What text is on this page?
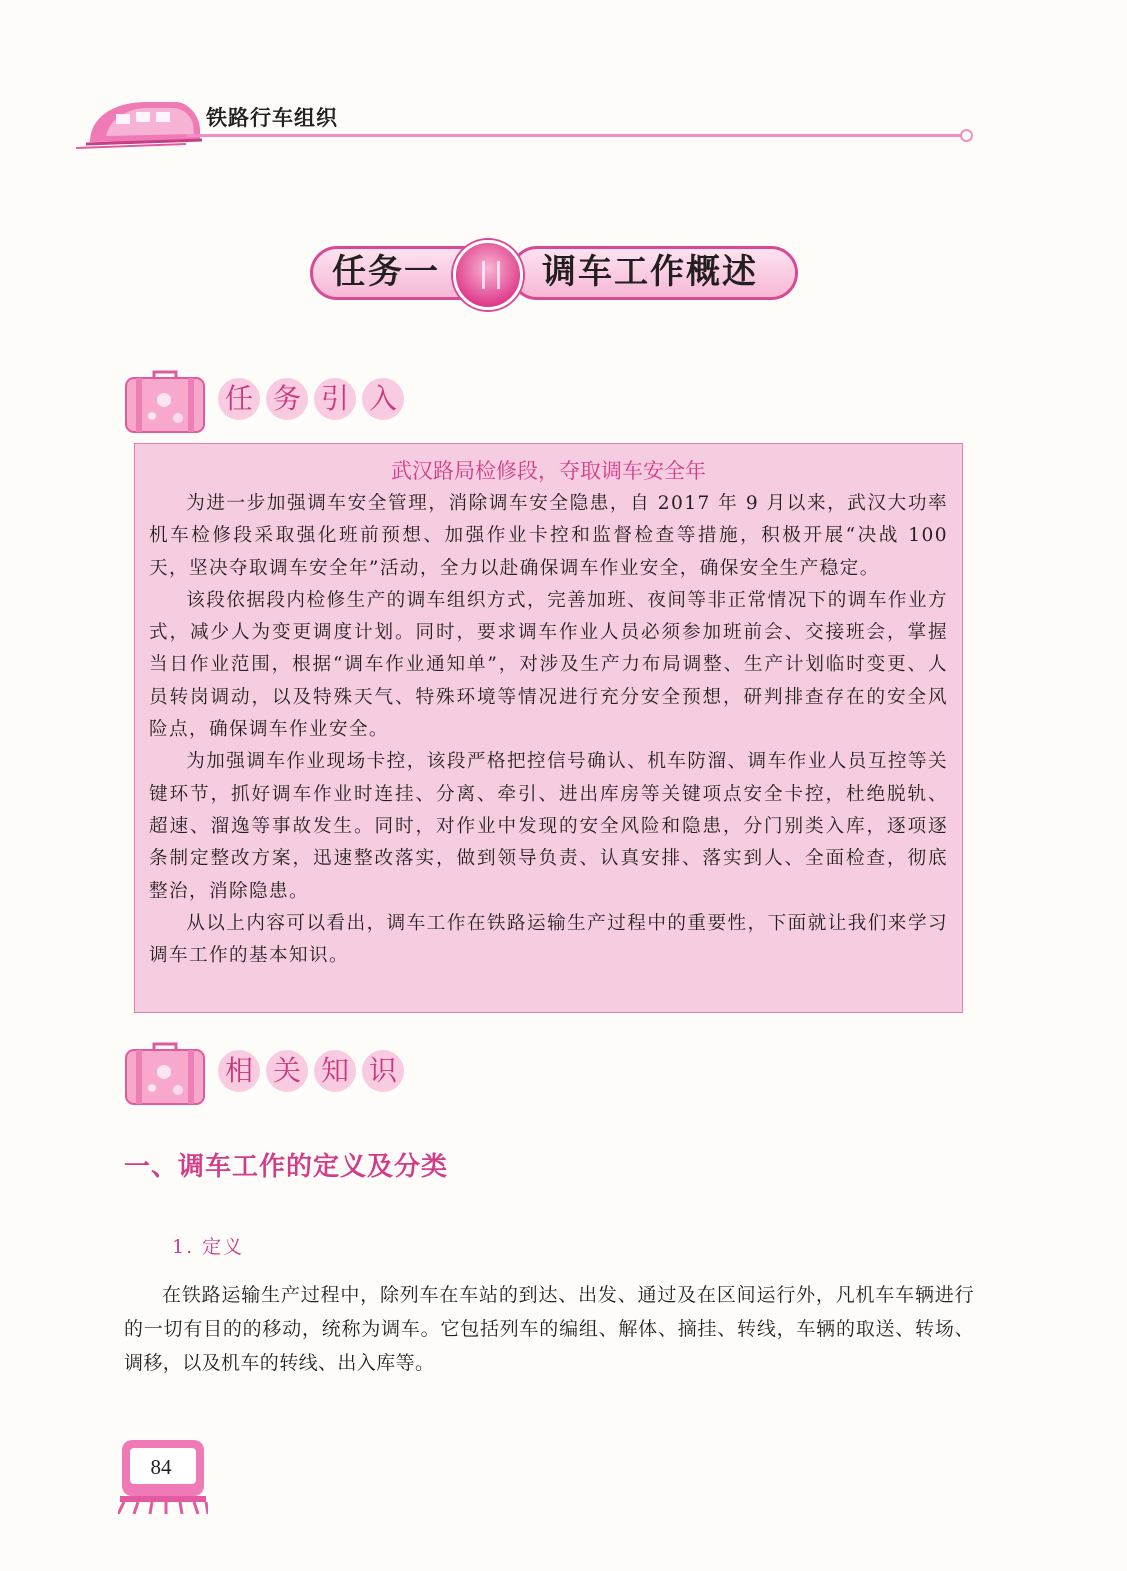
铁路行车组织
任务一	调车工作概述
任 务 引 入
武汉路局检修段，夺取调车安全年

为进一步加强调车安全管理，消除调车安全隐患，自 2017 年 9 月以来，武汉大功率机车检修段采取强化班前预想、加强作业卡控和监督检查等措施，积极开展“决战 100 天，坚决夺取调车安全年”活动，全力以赴确保调车作业安全，确保安全生产稳定。

该段依据段内检修生产的调车组织方式，完善加班、夜间等非正常情况下的调车作业方式，减少人为变更调度计划。同时，要求调车作业人员必须参加班前会、交接班会，掌握当日作业范围，根据“调车作业通知单”，对涉及生产力布局调整、生产计划临时变更、人员转岗调动，以及特殊天气、特殊环境等情况进行充分安全预想，研判排查存在的安全风险点，确保调车作业安全。

为加强调车作业现场卡控，该段严格把控信号确认、机车防溜、调车作业人员互控等关键环节，抓好调车作业时连挂、分离、牵引、进出库房等关键项点安全卡控，杜绝脱轨、超速、溜逸等事故发生。同时，对作业中发现的安全风险和隐患，分门别类入库，逐项逐条制定整改方案，迅速整改落实，做到领导负责、认真安排、落实到人、全面检查，彻底整治，消除隐患。

从以上内容可以看出，调车工作在铁路运输生产过程中的重要性，下面就让我们来学习调车工作的基本知识。

相 关 知 识
一、调车工作的定义及分类
1. 定义

在铁路运输生产过程中，除列车在车站的到达、出发、通过及在区间运行外，凡机车车辆进行的一切有目的的移动，统称为调车。它包括列车的编组、解体、摘挂、转线，车辆的取送、转场、调移，以及机车的转线、出入库等。

84
